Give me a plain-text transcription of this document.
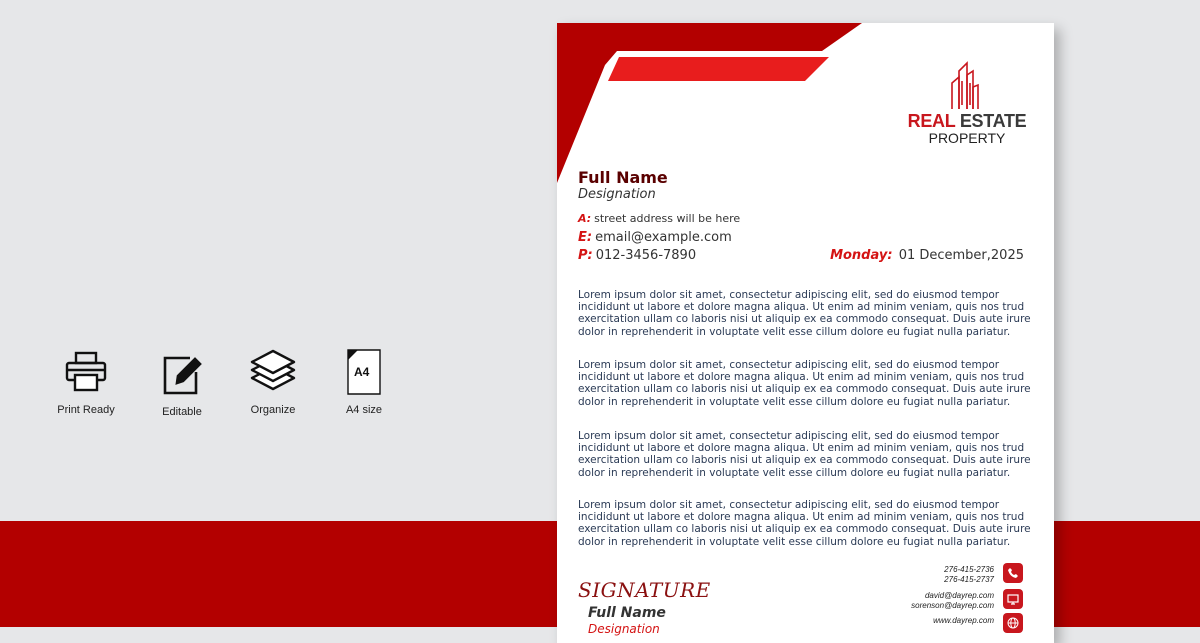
Print Ready	Editable	Organize
A4
A4 size
REAL ESTATE
PROPERTY
Full Name
Designation
A: street address will be here
E: email@example.com
P: 012-3456-7890	Monday: 01 December,2025
Lorem ipsum dolor sit amet, consectetur adipiscing elit, sed do eiusmod tempor incididunt ut labore et dolore magna aliqua. Ut enim ad minim veniam, quis nos trud exercitation ullam co laboris nisi ut aliquip ex ea commodo consequat. Duis aute irure dolor in reprehenderit in voluptate velit esse cillum dolore eu fugiat nulla pariatur.
Lorem ipsum dolor sit amet, consectetur adipiscing elit, sed do eiusmod tempor incididunt ut labore et dolore magna aliqua. Ut enim ad minim veniam, quis nos trud exercitation ullam co laboris nisi ut aliquip ex ea commodo consequat. Duis aute irure dolor in reprehenderit in voluptate velit esse cillum dolore eu fugiat nulla pariatur.
Lorem ipsum dolor sit amet, consectetur adipiscing elit, sed do eiusmod tempor incididunt ut labore et dolore magna aliqua. Ut enim ad minim veniam, quis nos trud exercitation ullam co laboris nisi ut aliquip ex ea commodo consequat. Duis aute irure dolor in reprehenderit in voluptate velit esse cillum dolore eu fugiat nulla pariatur.
Lorem ipsum dolor sit amet, consectetur adipiscing elit, sed do eiusmod tempor incididunt ut labore et dolore magna aliqua. Ut enim ad minim veniam, quis nos trud exercitation ullam co laboris nisi ut aliquip ex ea commodo consequat. Duis aute irure dolor in reprehenderit in voluptate velit esse cillum dolore eu fugiat nulla pariatur.
SIGNATURE
Full Name
Designation
276-415-2736
276-415-2737
david@dayrep.com
sorenson@dayrep.com
www.dayrep.com
